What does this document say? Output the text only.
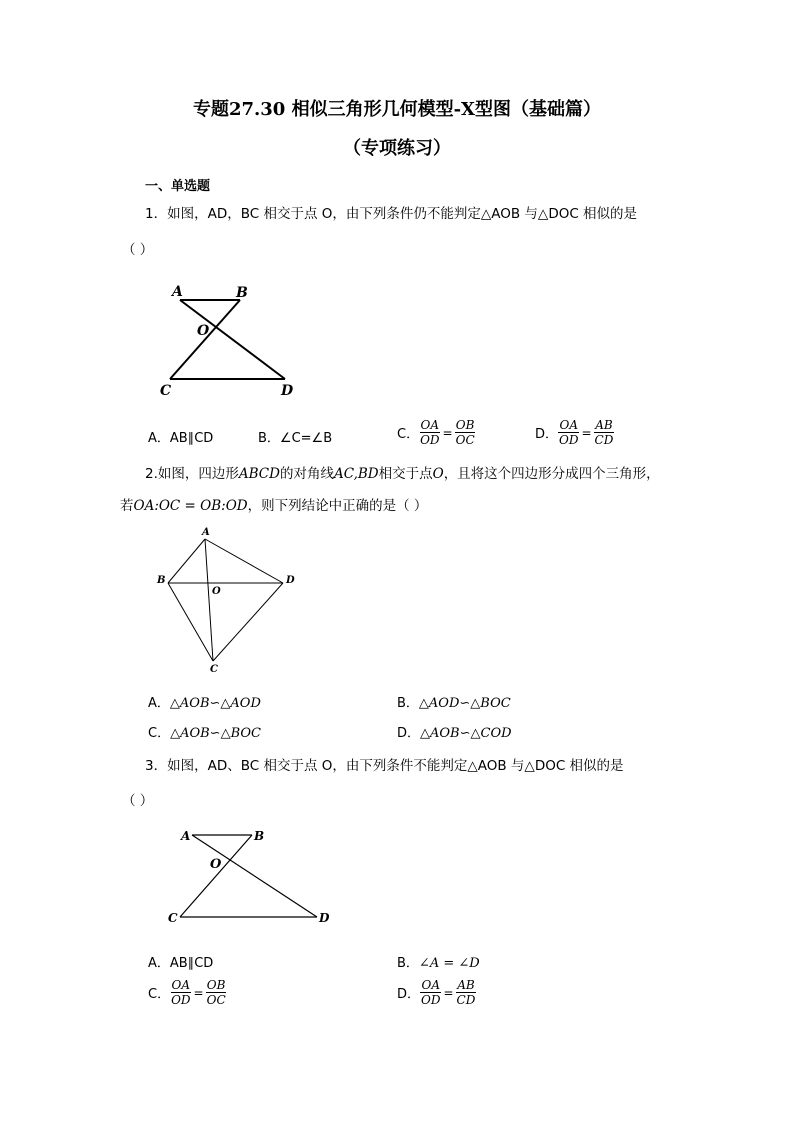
专题27.30 相似三角形几何模型-X型图（基础篇）
（专项练习）
一、单选题
1．如图，AD，BC 相交于点 O，由下列条件仍不能判定△AOB 与△DOC 相似的是
（ ）
A	B
O
C	D
A．AB∥CD	B．∠C=∠B	C． $\frac{OA}{OD} = \frac{OB}{OC}$	D． $\frac{OA}{OD} = \frac{AB}{CD}$
2.如图，四边形ABCD的对角线AC,BD相交于点O，且将这个四边形分成四个三角形，
若OA:OC = OB:OD，则下列结论中正确的是（ ）
A
B
O
D
C
A．△AOB∽△AOD	B．△AOD∽△BOC
C．△AOB∽△BOC	D．△AOB∽△COD
3．如图，AD、BC 相交于点 O，由下列条件不能判定△AOB 与△DOC 相似的是
（ ）
A	B
O
C	D
A．AB∥CD	B．∠A = ∠D
C． $\frac{OA}{OD} = \frac{OB}{OC}$	D． $\frac{OA}{OD} = \frac{AB}{CD}$
